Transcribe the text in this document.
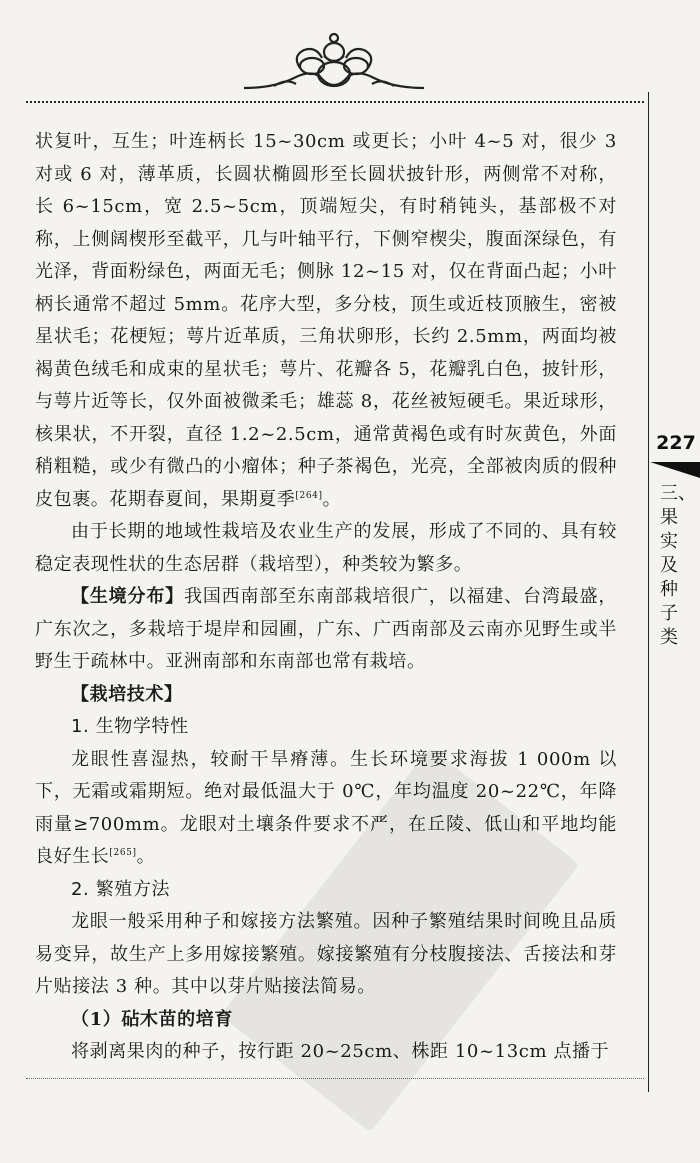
227
三、果实及种子类

状复叶，互生；叶连柄长 15~30cm 或更长；小叶 4~5 对，很少 3 对或 6 对，薄革质，长圆状椭圆形至长圆状披针形，两侧常不对称，长 6~15cm，宽 2.5~5cm，顶端短尖，有时稍钝头，基部极不对称，上侧阔楔形至截平，几与叶轴平行，下侧窄楔尖，腹面深绿色，有光泽，背面粉绿色，两面无毛；侧脉 12~15 对，仅在背面凸起；小叶柄长通常不超过 5mm。花序大型，多分枝，顶生或近枝顶腋生，密被星状毛；花梗短；萼片近革质，三角状卵形，长约 2.5mm，两面均被褐黄色绒毛和成束的星状毛；萼片、花瓣各 5，花瓣乳白色，披针形，与萼片近等长，仅外面被微柔毛；雄蕊 8，花丝被短硬毛。果近球形，核果状，不开裂，直径 1.2~2.5cm，通常黄褐色或有时灰黄色，外面稍粗糙，或少有微凸的小瘤体；种子茶褐色，光亮，全部被肉质的假种皮包裹。花期春夏间，果期夏季[264]。

由于长期的地域性栽培及农业生产的发展，形成了不同的、具有较稳定表现性状的生态居群（栽培型），种类较为繁多。

【生境分布】我国西南部至东南部栽培很广，以福建、台湾最盛，广东次之，多栽培于堤岸和园圃，广东、广西南部及云南亦见野生或半野生于疏林中。亚洲南部和东南部也常有栽培。

【栽培技术】

1. 生物学特性

龙眼性喜湿热，较耐干旱瘠薄。生长环境要求海拔 1 000m 以下，无霜或霜期短。绝对最低温大于 0℃，年均温度 20~22℃，年降雨量≥700mm。龙眼对土壤条件要求不严，在丘陵、低山和平地均能良好生长[265]。

2. 繁殖方法

龙眼一般采用种子和嫁接方法繁殖。因种子繁殖结果时间晚且品质易变异，故生产上多用嫁接繁殖。嫁接繁殖有分枝腹接法、舌接法和芽片贴接法 3 种。其中以芽片贴接法简易。

（1）砧木苗的培育

将剥离果肉的种子，按行距 20~25cm、株距 10~13cm 点播于
